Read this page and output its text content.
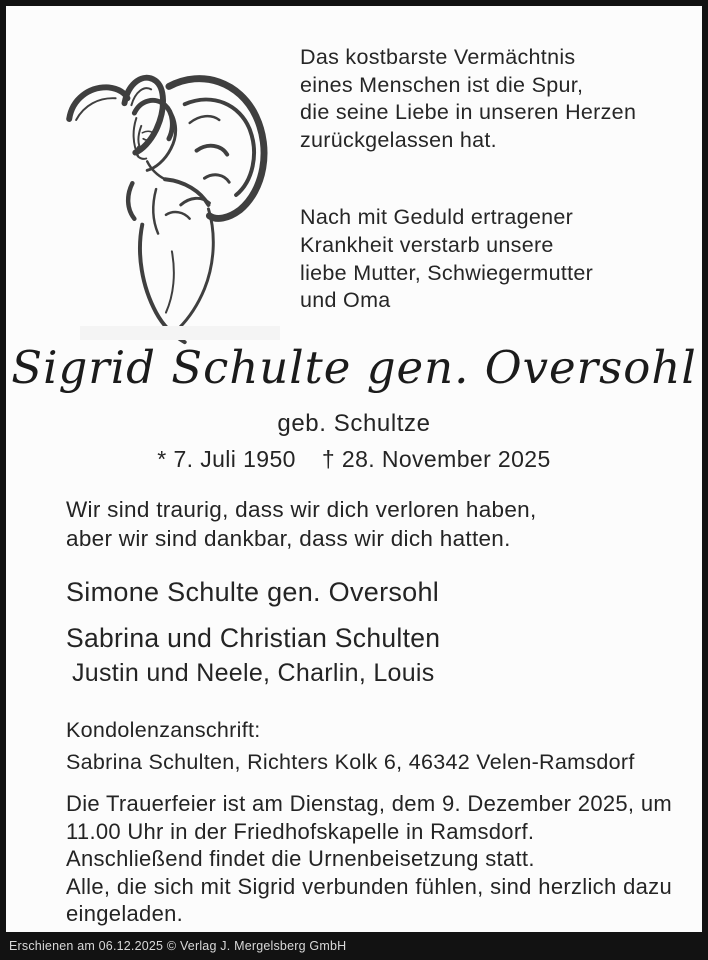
Das kostbarste Vermächtnis
eines Menschen ist die Spur,
die seine Liebe in unseren Herzen
zurückgelassen hat.
Nach mit Geduld ertragener
Krankheit verstarb unsere
liebe Mutter, Schwiegermutter
und Oma
Sigrid Schulte gen. Oversohl
geb. Schultze
* 7. Juli 1950 † 28. November 2025
Wir sind traurig, dass wir dich verloren haben,
aber wir sind dankbar, dass wir dich hatten.
Simone Schulte gen. Oversohl
Sabrina und Christian Schulten
Justin und Neele, Charlin, Louis
Kondolenzanschrift:
Sabrina Schulten, Richters Kolk 6, 46342 Velen-Ramsdorf

Die Trauerfeier ist am Dienstag, dem 9. Dezember 2025, um 11.00 Uhr in der Friedhofskapelle in Ramsdorf.

Anschließend findet die Urnenbeisetzung statt.

Alle, die sich mit Sigrid verbunden fühlen, sind herzlich dazu eingeladen.

Erschienen am 06.12.2025 © Verlag J. Mergelsberg GmbH
